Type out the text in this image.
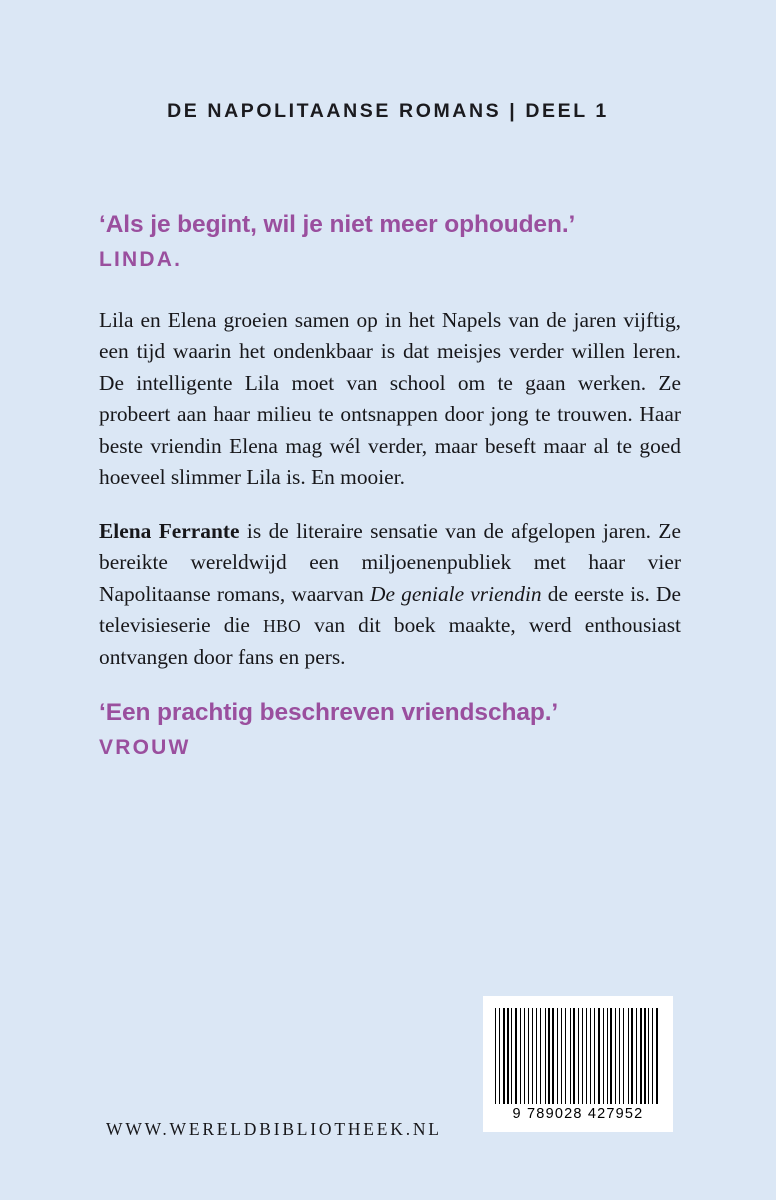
DE NAPOLITAANSE ROMANS | DEEL 1
‘Als je begint, wil je niet meer ophouden.’
LINDA.

Lila en Elena groeien samen op in het Napels van de jaren vijftig, een tijd waarin het ondenkbaar is dat meisjes verder willen leren. De intelligente Lila moet van school om te gaan werken. Ze probeert aan haar milieu te ontsnappen door jong te trouwen. Haar beste vriendin Elena mag wél verder, maar beseft maar al te goed hoeveel slimmer Lila is. En mooier.

Elena Ferrante is de literaire sensatie van de afgelopen jaren. Ze bereikte wereldwijd een miljoenenpubliek met haar vier Napolitaanse romans, waarvan De geniale vriendin de eerste is. De televisieserie die HBO van dit boek maakte, werd enthousiast ontvangen door fans en pers.

‘Een prachtig beschreven vriendschap.’
VROUW
9 789028 427952
WWW.WERELDBIBLIOTHEEK.NL
